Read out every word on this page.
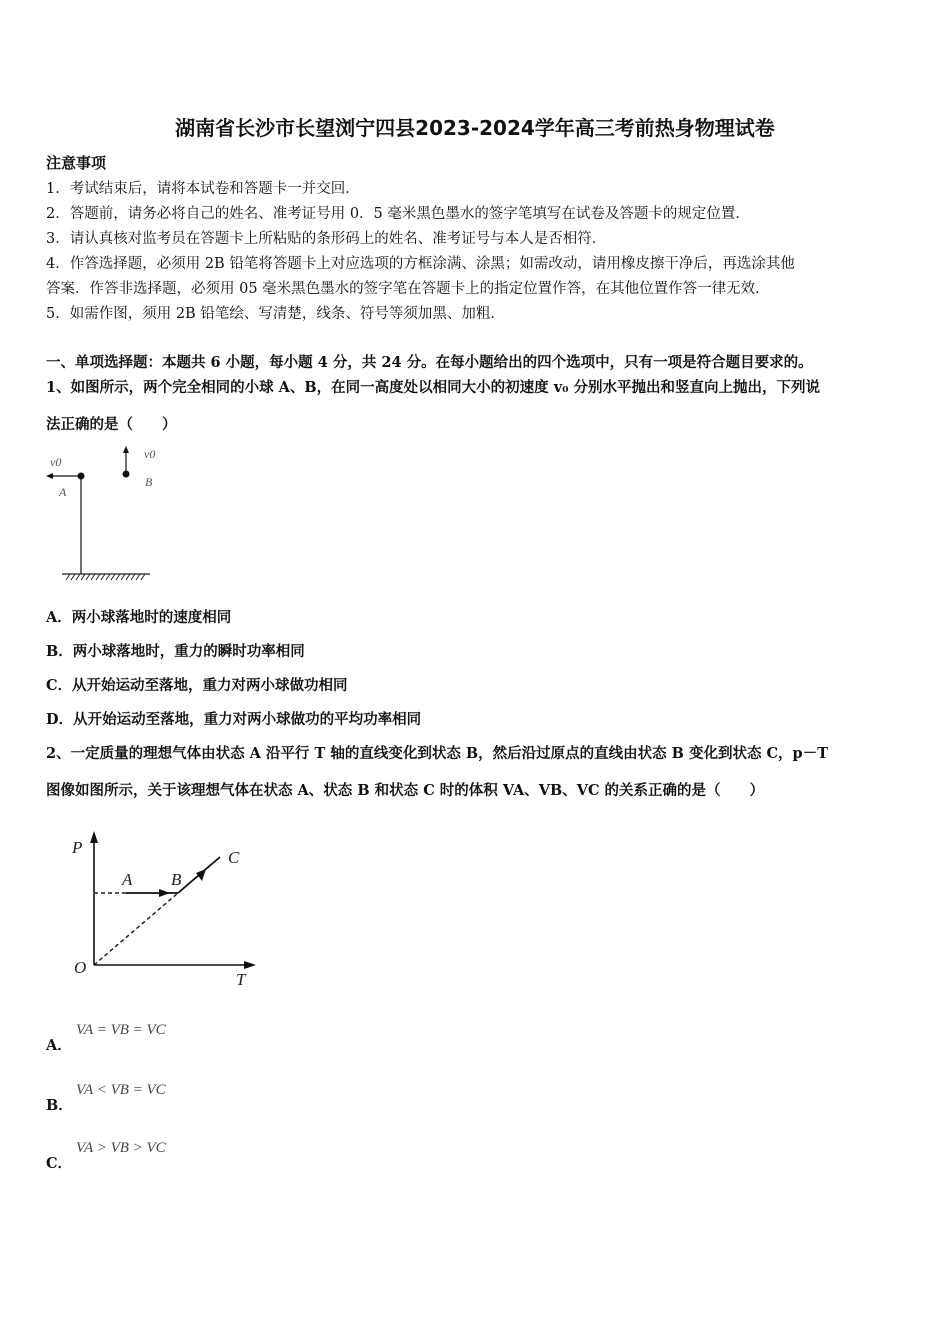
湖南省长沙市长望浏宁四县2023-2024学年高三考前热身物理试卷
注意事项
1．考试结束后，请将本试卷和答题卡一并交回．
2．答题前，请务必将自己的姓名、准考证号用 0．5 毫米黑色墨水的签字笔填写在试卷及答题卡的规定位置．
3．请认真核对监考员在答题卡上所粘贴的条形码上的姓名、准考证号与本人是否相符．
4．作答选择题，必须用 2B 铅笔将答题卡上对应选项的方框涂满、涂黑；如需改动，请用橡皮擦干净后，再选涂其他
答案．作答非选择题，必须用 05 毫米黑色墨水的签字笔在答题卡上的指定位置作答，在其他位置作答一律无效．
5．如需作图，须用 2B 铅笔绘、写清楚，线条、符号等须加黑、加粗．
一、单项选择题：本题共 6 小题，每小题 4 分，共 24 分。在每小题给出的四个选项中，只有一项是符合题目要求的。
1、如图所示，两个完全相同的小球 A、B，在同一高度处以相同大小的初速度 v₀ 分别水平抛出和竖直向上抛出，下列说
法正确的是（　　）
v0
A
v0
B
A．两小球落地时的速度相同
B．两小球落地时，重力的瞬时功率相同
C．从开始运动至落地，重力对两小球做功相同
D．从开始运动至落地，重力对两小球做功的平均功率相同
2、一定质量的理想气体由状态 A 沿平行 T 轴的直线变化到状态 B，然后沿过原点的直线由状态 B 变化到状态 C，p－T
图像如图所示，关于该理想气体在状态 A、状态 B 和状态 C 时的体积 VA、VB、VC 的关系正确的是（　　）
P
T
O
A B
C
A．
VA = VB = VC
B．
VA < VB = VC
C．
VA > VB > VC
